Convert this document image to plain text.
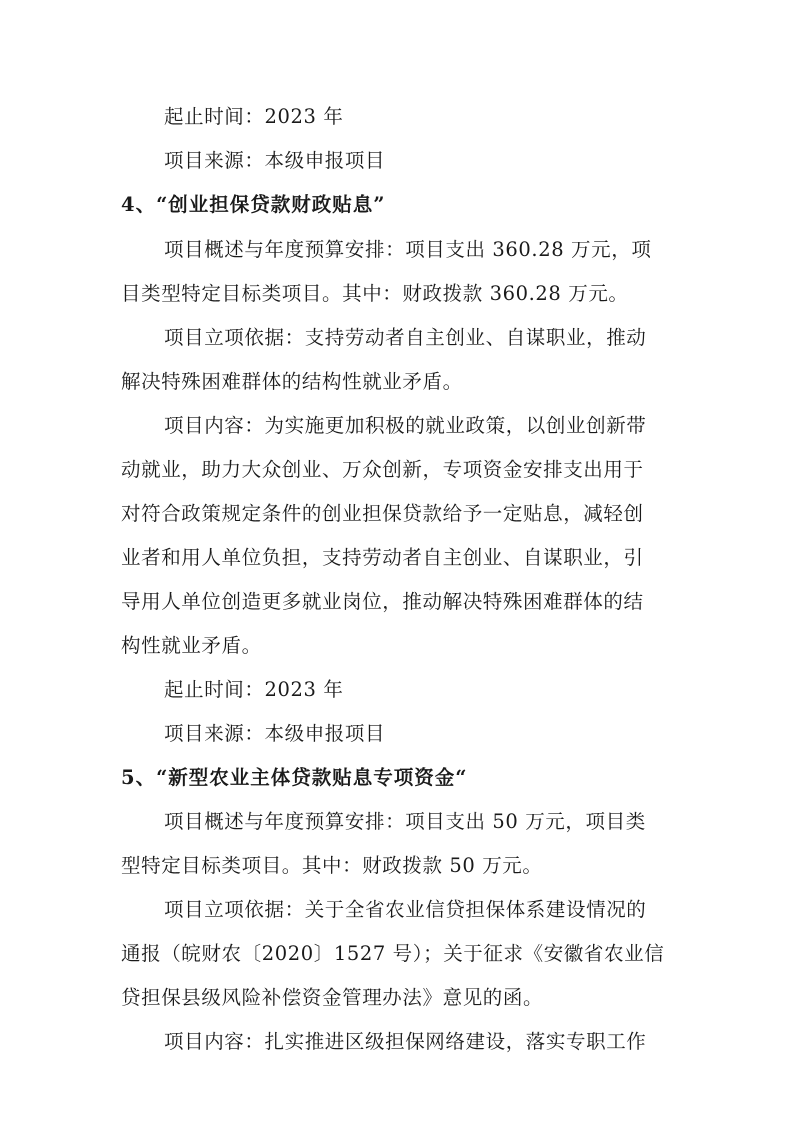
起止时间：2023 年
项目来源：本级申报项目
4、“创业担保贷款财政贴息”
项目概述与年度预算安排：项目支出 360.28 万元，项
目类型特定目标类项目。其中：财政拨款 360.28 万元。
项目立项依据：支持劳动者自主创业、自谋职业，推动
解决特殊困难群体的结构性就业矛盾。
项目内容：为实施更加积极的就业政策，以创业创新带
动就业，助力大众创业、万众创新，专项资金安排支出用于
对符合政策规定条件的创业担保贷款给予一定贴息，减轻创
业者和用人单位负担，支持劳动者自主创业、自谋职业，引
导用人单位创造更多就业岗位，推动解决特殊困难群体的结
构性就业矛盾。
起止时间：2023 年
项目来源：本级申报项目
5、“新型农业主体贷款贴息专项资金“
项目概述与年度预算安排：项目支出 50 万元，项目类
型特定目标类项目。其中：财政拨款 50 万元。
项目立项依据：关于全省农业信贷担保体系建设情况的
通报（皖财农〔2020〕1527 号）；关于征求《安徽省农业信
贷担保县级风险补偿资金管理办法》意见的函。
项目内容：扎实推进区级担保网络建设，落实专职工作
